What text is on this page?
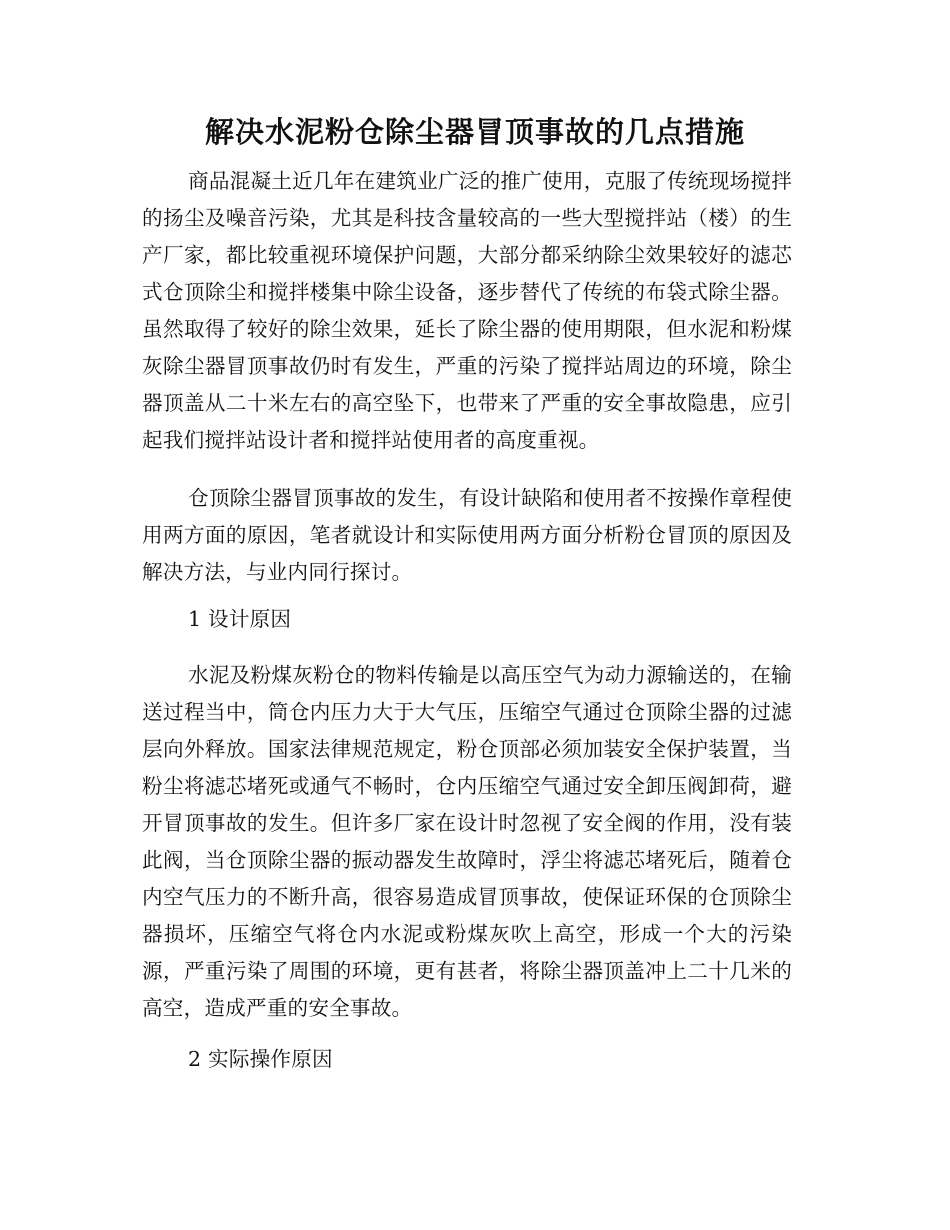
解决水泥粉仓除尘器冒顶事故的几点措施

商品混凝土近几年在建筑业广泛的推广使用，克服了传统现场搅拌的扬尘及噪音污染，尤其是科技含量较高的一些大型搅拌站（楼）的生产厂家，都比较重视环境保护问题，大部分都采纳除尘效果较好的滤芯式仓顶除尘和搅拌楼集中除尘设备，逐步替代了传统的布袋式除尘器。虽然取得了较好的除尘效果，延长了除尘器的使用期限，但水泥和粉煤灰除尘器冒顶事故仍时有发生，严重的污染了搅拌站周边的环境，除尘器顶盖从二十米左右的高空坠下，也带来了严重的安全事故隐患，应引起我们搅拌站设计者和搅拌站使用者的高度重视。

仓顶除尘器冒顶事故的发生，有设计缺陷和使用者不按操作章程使用两方面的原因，笔者就设计和实际使用两方面分析粉仓冒顶的原因及解决方法，与业内同行探讨。

1 设计原因

水泥及粉煤灰粉仓的物料传输是以高压空气为动力源输送的，在输送过程当中，筒仓内压力大于大气压，压缩空气通过仓顶除尘器的过滤层向外释放。国家法律规范规定，粉仓顶部必须加装安全保护装置，当粉尘将滤芯堵死或通气不畅时，仓内压缩空气通过安全卸压阀卸荷，避开冒顶事故的发生。但许多厂家在设计时忽视了安全阀的作用，没有装此阀，当仓顶除尘器的振动器发生故障时，浮尘将滤芯堵死后，随着仓内空气压力的不断升高，很容易造成冒顶事故，使保证环保的仓顶除尘器损坏，压缩空气将仓内水泥或粉煤灰吹上高空，形成一个大的污染源，严重污染了周围的环境，更有甚者，将除尘器顶盖冲上二十几米的高空，造成严重的安全事故。

2 实际操作原因
